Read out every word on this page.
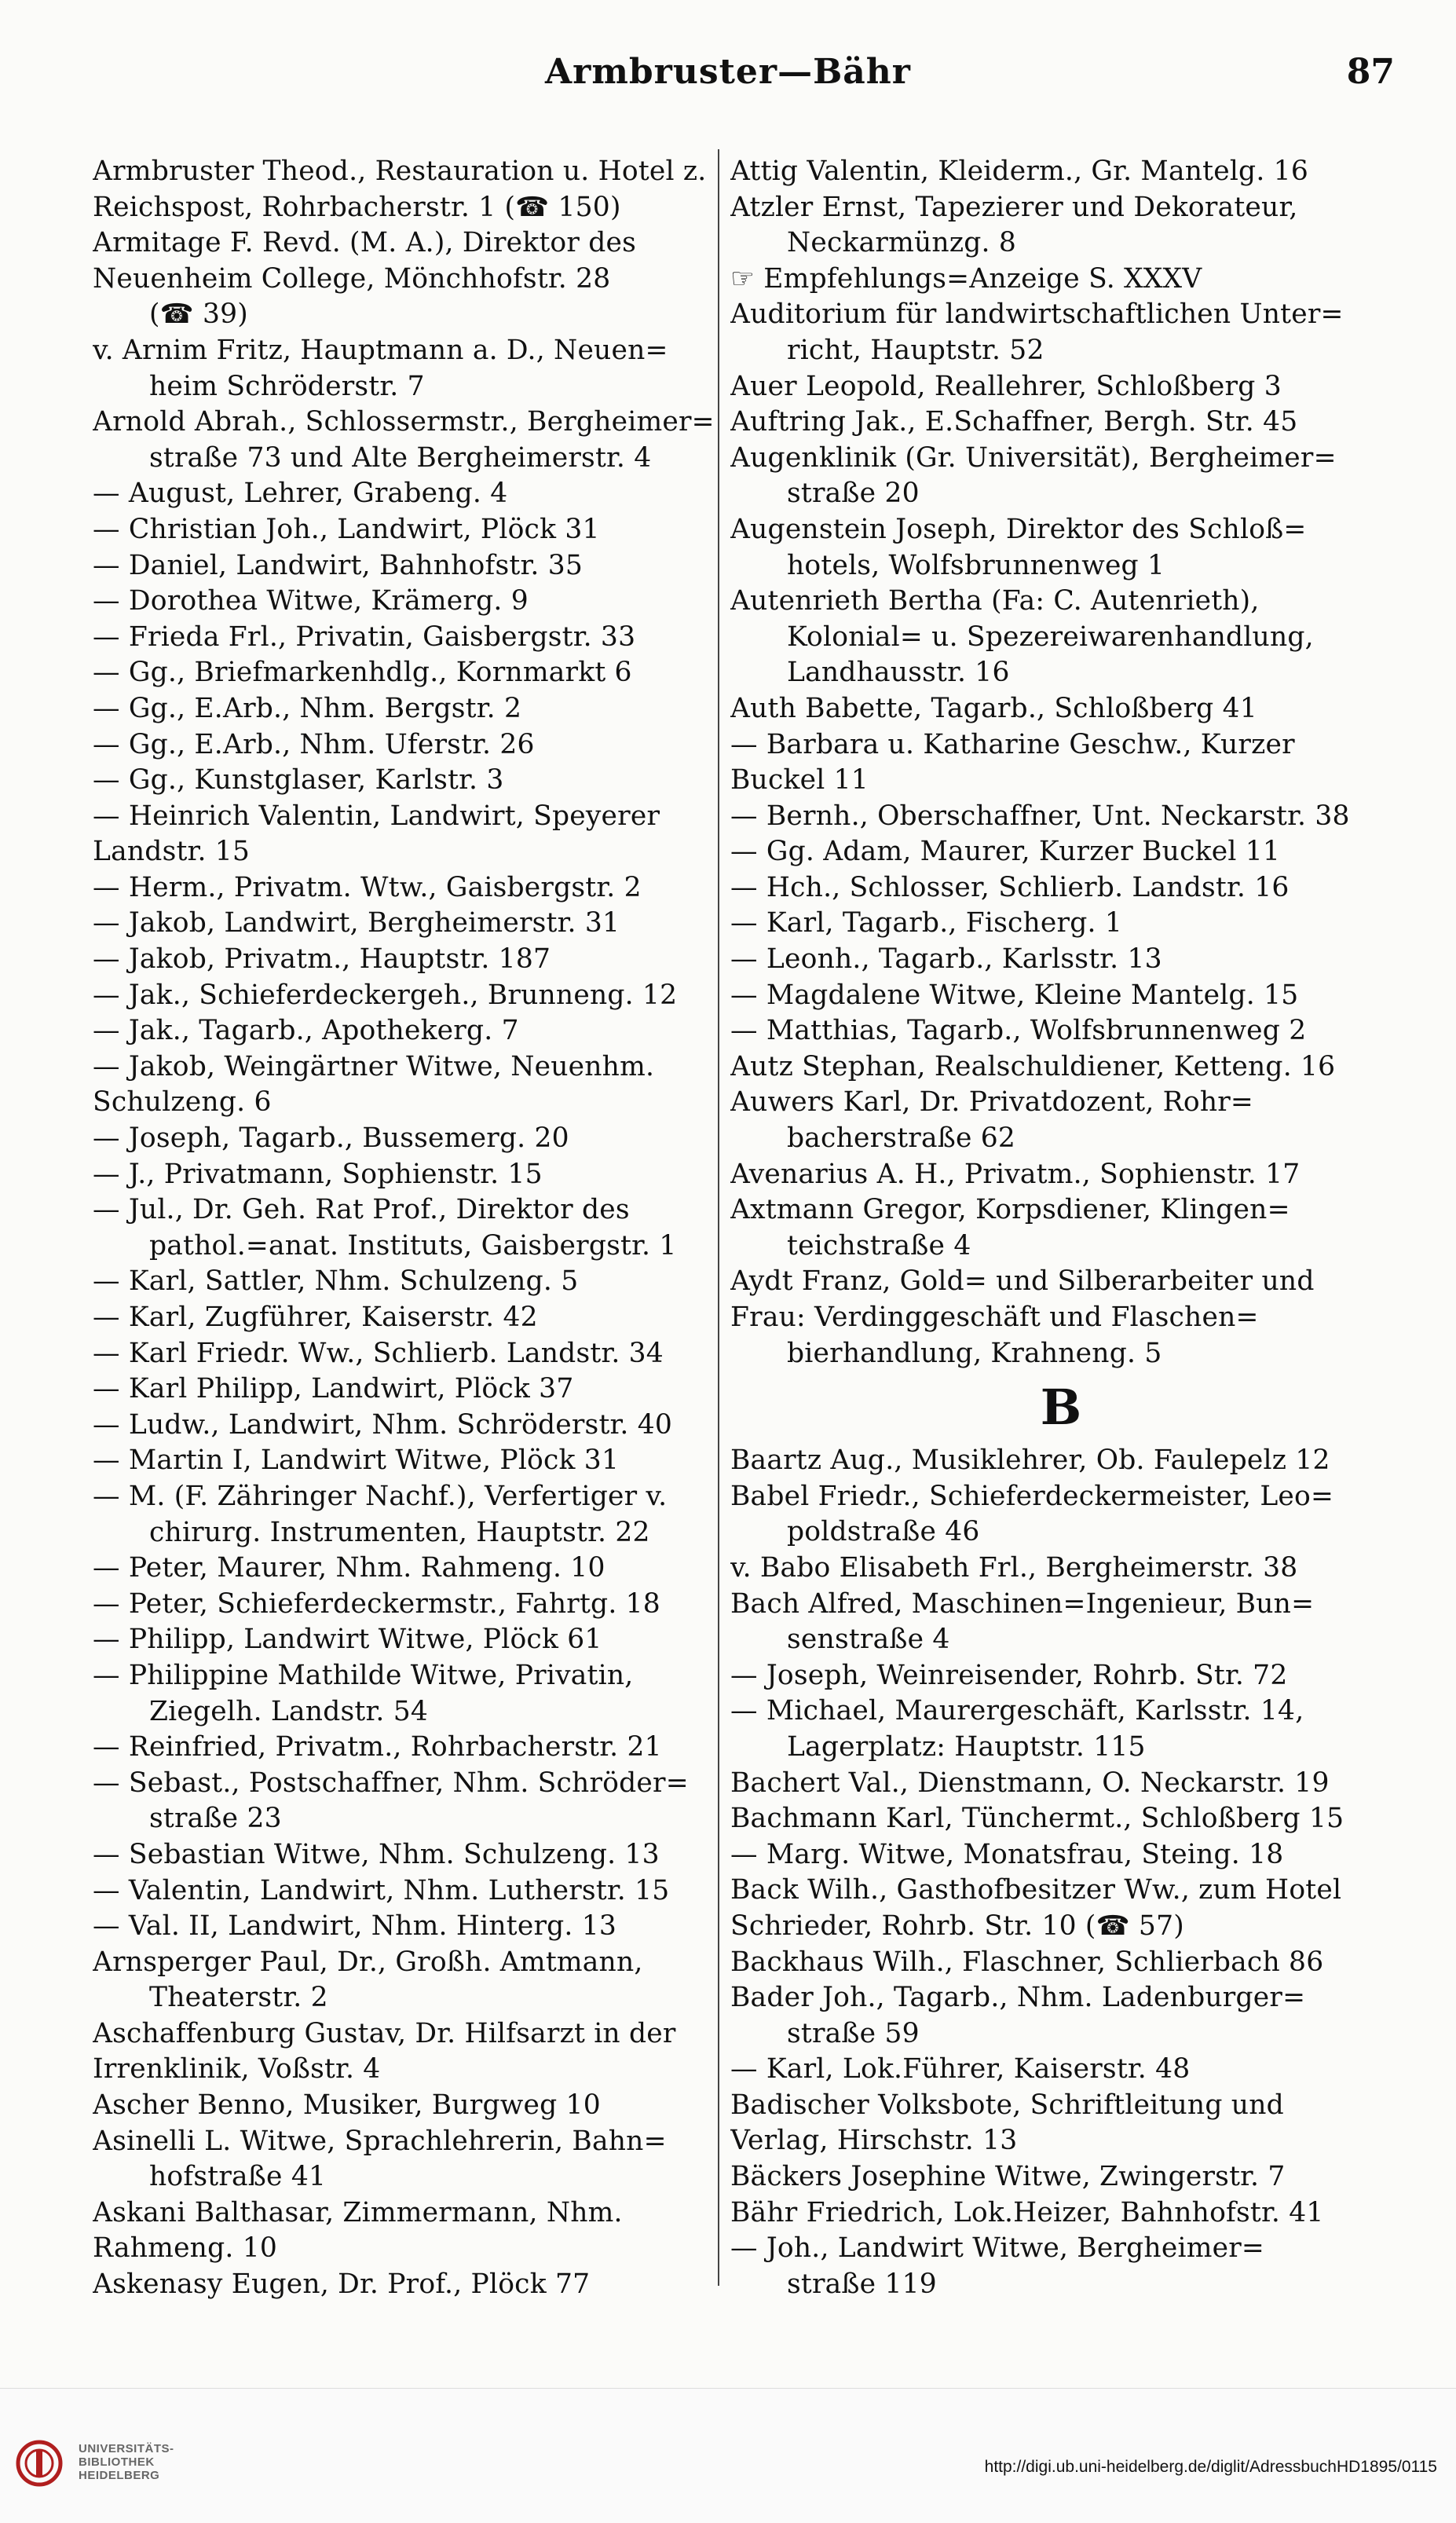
Armbruster—Bähr	87
Armbruster Theod., Restauration u. Hotel z.
Reichspost, Rohrbacherstr. 1 (☎ 150)
Armitage F. Revd. (M. A.), Direktor des
Neuenheim College, Mönchhofstr. 28
(☎ 39)
v. Arnim Fritz, Hauptmann a. D., Neuen=
heim Schröderstr. 7
Arnold Abrah., Schlossermstr., Bergheimer=
straße 73 und Alte Bergheimerstr. 4
— August, Lehrer, Grabeng. 4
— Christian Joh., Landwirt, Plöck 31
— Daniel, Landwirt, Bahnhofstr. 35
— Dorothea Witwe, Krämerg. 9
— Frieda Frl., Privatin, Gaisbergstr. 33
— Gg., Briefmarkenhdlg., Kornmarkt 6
— Gg., E.Arb., Nhm. Bergstr. 2
— Gg., E.Arb., Nhm. Uferstr. 26
— Gg., Kunstglaser, Karlstr. 3
— Heinrich Valentin, Landwirt, Speyerer
Landstr. 15
— Herm., Privatm. Wtw., Gaisbergstr. 2
— Jakob, Landwirt, Bergheimerstr. 31
— Jakob, Privatm., Hauptstr. 187
— Jak., Schieferdeckergeh., Brunneng. 12
— Jak., Tagarb., Apothekerg. 7
— Jakob, Weingärtner Witwe, Neuenhm.
Schulzeng. 6
— Joseph, Tagarb., Bussemerg. 20
— J., Privatmann, Sophienstr. 15
— Jul., Dr. Geh. Rat Prof., Direktor des
pathol.=anat. Instituts, Gaisbergstr. 1
— Karl, Sattler, Nhm. Schulzeng. 5
— Karl, Zugführer, Kaiserstr. 42
— Karl Friedr. Ww., Schlierb. Landstr. 34
— Karl Philipp, Landwirt, Plöck 37
— Ludw., Landwirt, Nhm. Schröderstr. 40
— Martin I, Landwirt Witwe, Plöck 31
— M. (F. Zähringer Nachf.), Verfertiger v.
chirurg. Instrumenten, Hauptstr. 22
— Peter, Maurer, Nhm. Rahmeng. 10
— Peter, Schieferdeckermstr., Fahrtg. 18
— Philipp, Landwirt Witwe, Plöck 61
— Philippine Mathilde Witwe, Privatin,
Ziegelh. Landstr. 54
— Reinfried, Privatm., Rohrbacherstr. 21
— Sebast., Postschaffner, Nhm. Schröder=
straße 23
— Sebastian Witwe, Nhm. Schulzeng. 13
— Valentin, Landwirt, Nhm. Lutherstr. 15
— Val. II, Landwirt, Nhm. Hinterg. 13
Arnsperger Paul, Dr., Großh. Amtmann,
Theaterstr. 2
Aschaffenburg Gustav, Dr. Hilfsarzt in der
Irrenklinik, Voßstr. 4
Ascher Benno, Musiker, Burgweg 10
Asinelli L. Witwe, Sprachlehrerin, Bahn=
hofstraße 41
Askani Balthasar, Zimmermann, Nhm.
Rahmeng. 10
Askenasy Eugen, Dr. Prof., Plöck 77
Attig Valentin, Kleiderm., Gr. Mantelg. 16
Atzler Ernst, Tapezierer und Dekorateur,
Neckarmünzg. 8
☞ Empfehlungs=Anzeige S. XXXV
Auditorium für landwirtschaftlichen Unter=
richt, Hauptstr. 52
Auer Leopold, Reallehrer, Schloßberg 3
Auftring Jak., E.Schaffner, Bergh. Str. 45
Augenklinik (Gr. Universität), Bergheimer=
straße 20
Augenstein Joseph, Direktor des Schloß=
hotels, Wolfsbrunnenweg 1
Autenrieth Bertha (Fa: C. Autenrieth),
Kolonial= u. Spezereiwarenhandlung,
Landhausstr. 16
Auth Babette, Tagarb., Schloßberg 41
— Barbara u. Katharine Geschw., Kurzer
Buckel 11
— Bernh., Oberschaffner, Unt. Neckarstr. 38
— Gg. Adam, Maurer, Kurzer Buckel 11
— Hch., Schlosser, Schlierb. Landstr. 16
— Karl, Tagarb., Fischerg. 1
— Leonh., Tagarb., Karlsstr. 13
— Magdalene Witwe, Kleine Mantelg. 15
— Matthias, Tagarb., Wolfsbrunnenweg 2
Autz Stephan, Realschuldiener, Ketteng. 16
Auwers Karl, Dr. Privatdozent, Rohr=
bacherstraße 62
Avenarius A. H., Privatm., Sophienstr. 17
Axtmann Gregor, Korpsdiener, Klingen=
teichstraße 4
Aydt Franz, Gold= und Silberarbeiter und
Frau: Verdinggeschäft und Flaschen=
bierhandlung, Krahneng. 5
B
Baartz Aug., Musiklehrer, Ob. Faulepelz 12
Babel Friedr., Schieferdeckermeister, Leo=
poldstraße 46
v. Babo Elisabeth Frl., Bergheimerstr. 38
Bach Alfred, Maschinen=Ingenieur, Bun=
senstraße 4
— Joseph, Weinreisender, Rohrb. Str. 72
— Michael, Maurergeschäft, Karlsstr. 14,
Lagerplatz: Hauptstr. 115
Bachert Val., Dienstmann, O. Neckarstr. 19
Bachmann Karl, Tünchermt., Schloßberg 15
— Marg. Witwe, Monatsfrau, Steing. 18
Back Wilh., Gasthofbesitzer Ww., zum Hotel
Schrieder, Rohrb. Str. 10 (☎ 57)
Backhaus Wilh., Flaschner, Schlierbach 86
Bader Joh., Tagarb., Nhm. Ladenburger=
straße 59
— Karl, Lok.Führer, Kaiserstr. 48
Badischer Volksbote, Schriftleitung und
Verlag, Hirschstr. 13
Bäckers Josephine Witwe, Zwingerstr. 7
Bähr Friedrich, Lok.Heizer, Bahnhofstr. 41
— Joh., Landwirt Witwe, Bergheimer=
straße 119
UNIVERSITÄTS-
BIBLIOTHEK
HEIDELBERG	http://digi.ub.uni-heidelberg.de/diglit/AdressbuchHD1895/0115
